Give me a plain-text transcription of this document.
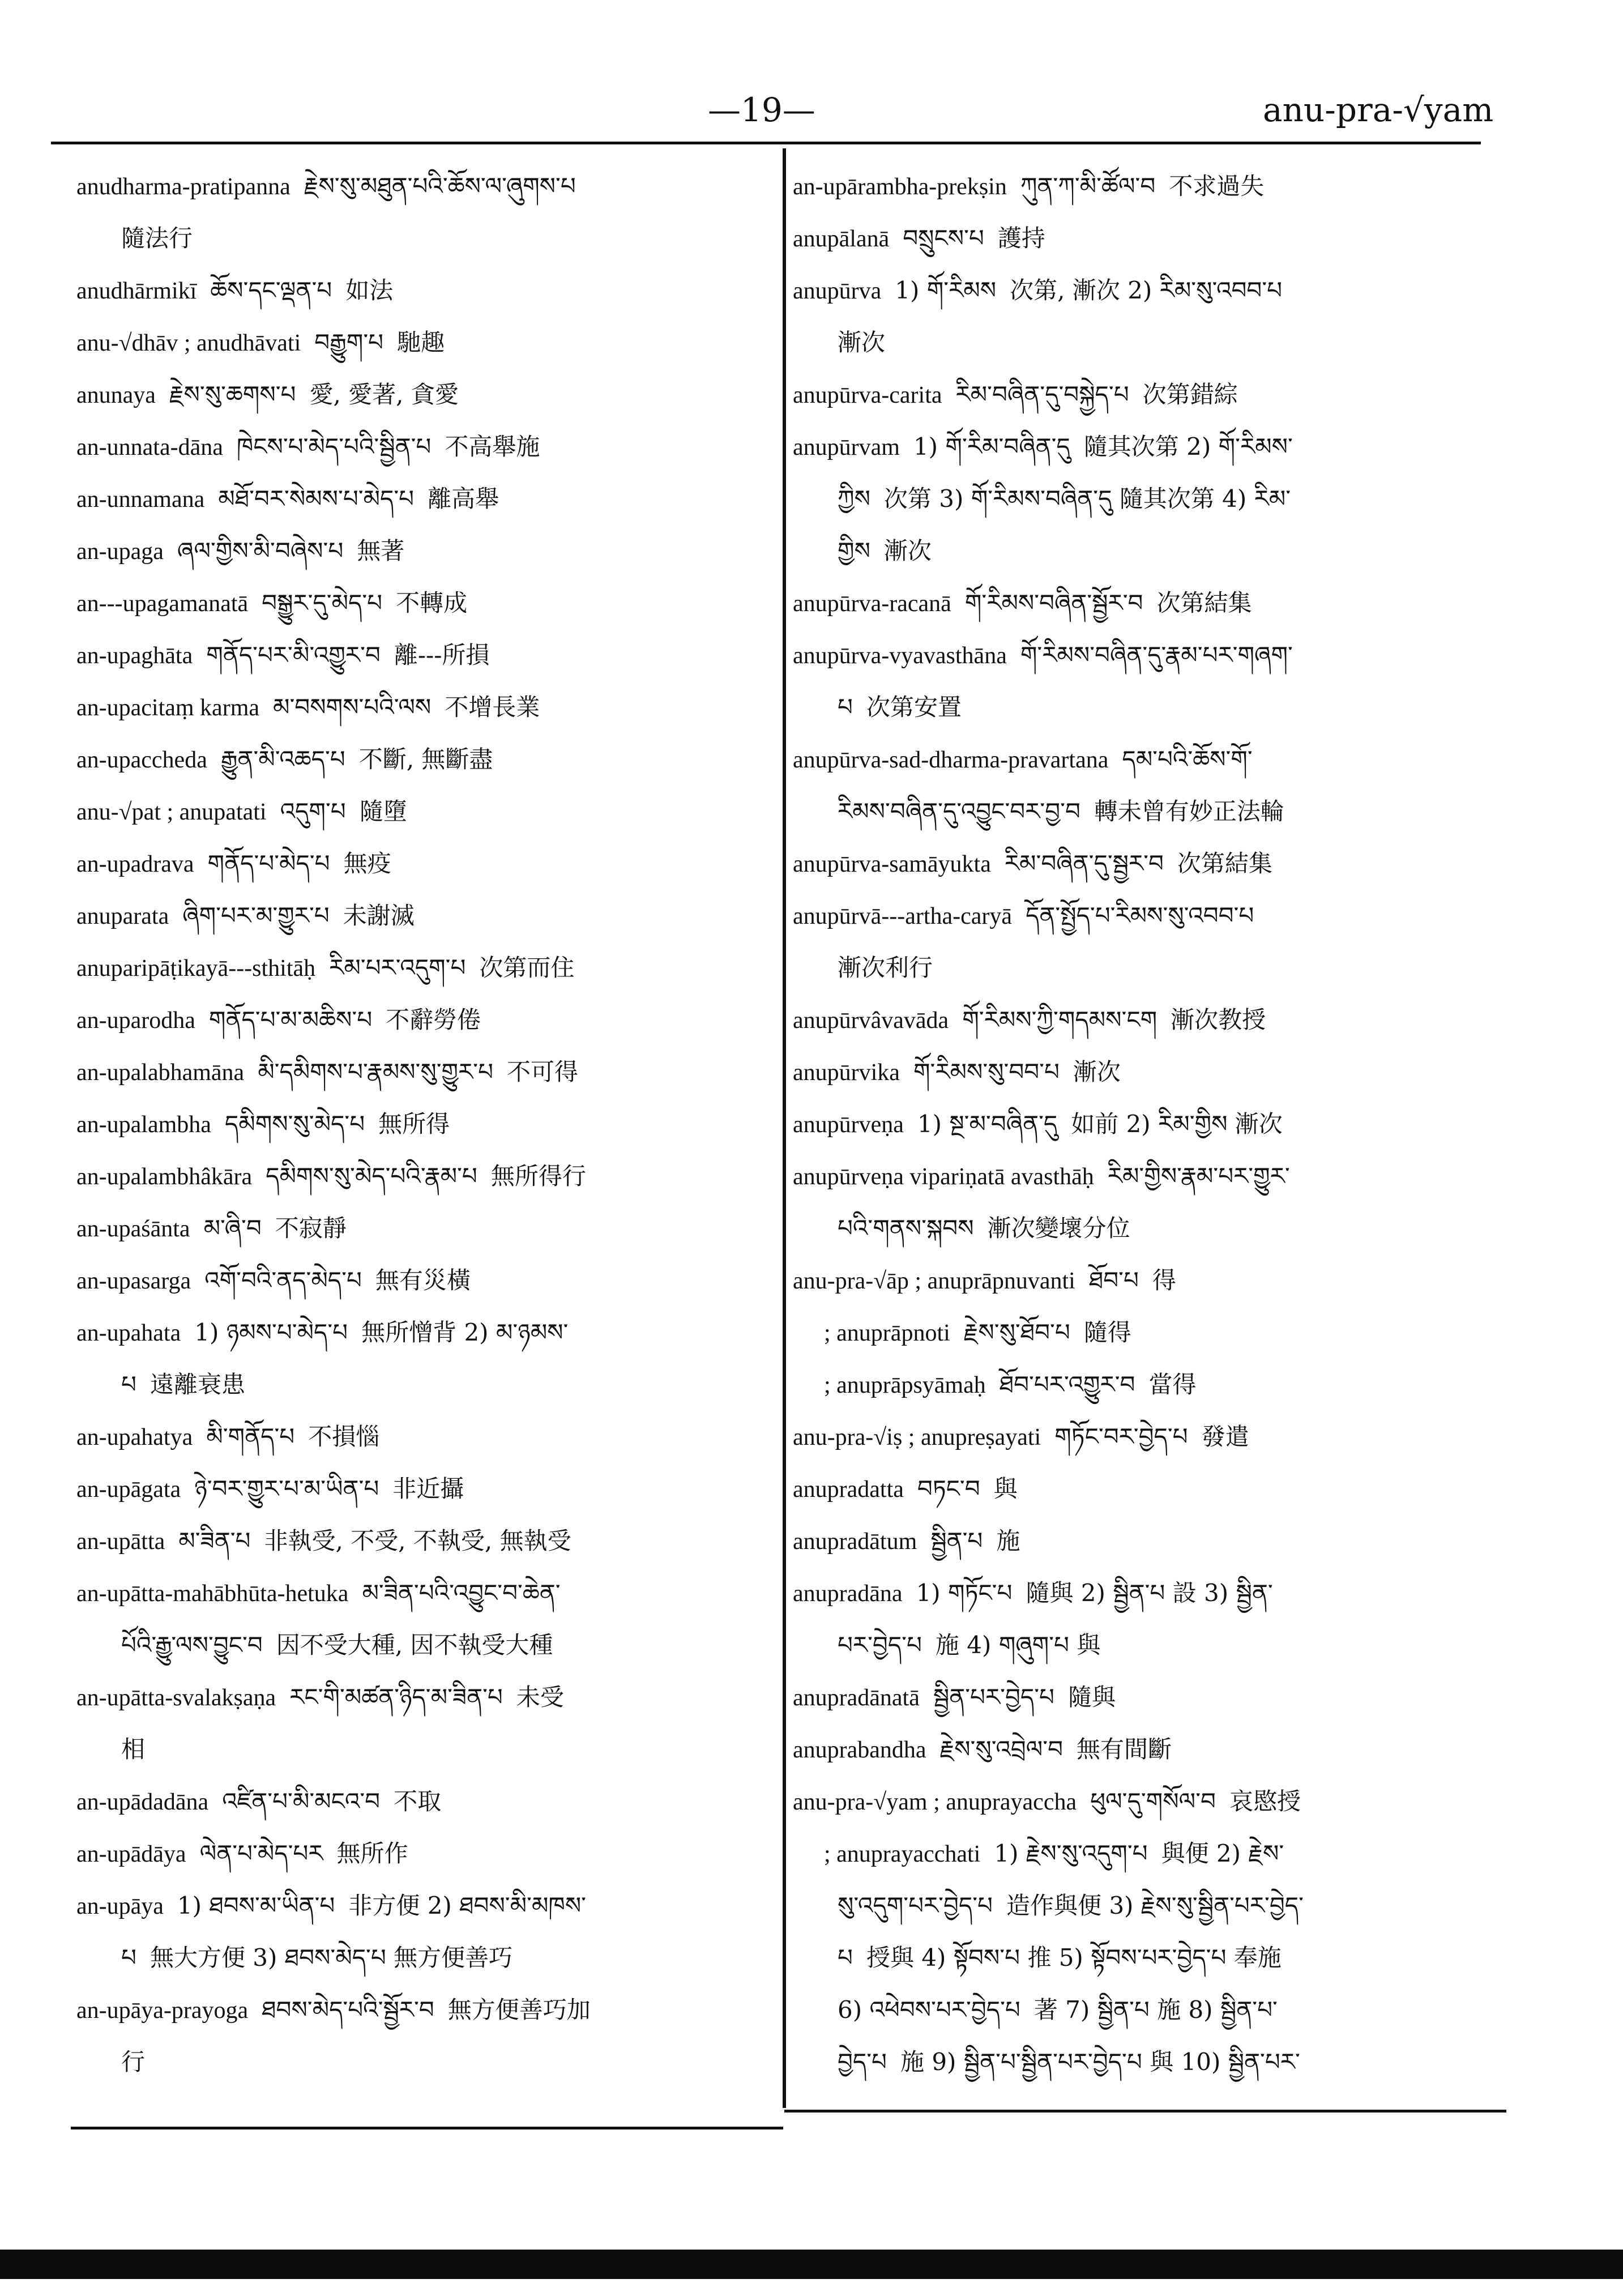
—19—	anu-pra-√yam
anudharma-pratipanna རྗེས་སུ་མཐུན་པའི་ཆོས་ལ་ཞུགས་པ
隨法行
anudhārmikī ཆོས་དང་ལྡན་པ 如法
anu-√dhāv ; anudhāvati བརྒྱུག་པ 馳趣
anunaya རྗེས་སུ་ཆགས་པ 愛, 愛著, 貪愛
an-unnata-dāna ཁེངས་པ་མེད་པའི་སྦྱིན་པ 不高舉施
an-unnamana མཐོ་བར་སེམས་པ་མེད་པ 離高舉
an-upaga ཞལ་གྱིས་མི་བཞེས་པ 無著
an---upagamanatā བསྒྱུར་དུ་མེད་པ 不轉成
an-upaghāta གནོད་པར་མི་འགྱུར་བ 離---所損
an-upacitaṃ karma མ་བསགས་པའི་ལས 不增長業
an-upaccheda རྒྱུན་མི་འཆད་པ 不斷, 無斷盡
anu-√pat ; anupatati འདུག་པ 隨墮
an-upadrava གནོད་པ་མེད་པ 無疫
anuparata ཞིག་པར་མ་གྱུར་པ 未謝滅
anuparipāṭikayā---sthitāḥ རིམ་པར་འདུག་པ 次第而住
an-uparodha གནོད་པ་མ་མཆིས་པ 不辭勞倦
an-upalabhamāna མི་དམིགས་པ་རྣམས་སུ་གྱུར་པ 不可得
an-upalambha དམིགས་སུ་མེད་པ 無所得
an-upalambhâkāra དམིགས་སུ་མེད་པའི་རྣམ་པ 無所得行
an-upaśānta མ་ཞི་བ 不寂靜
an-upasarga འགོ་བའི་ནད་མེད་པ 無有災橫
an-upahata 1) ཉམས་པ་མེད་པ 無所憎背 2) མ་ཉམས་
པ 遠離衰患
an-upahatya མི་གནོད་པ 不損惱
an-upāgata ཉེ་བར་གྱུར་པ་མ་ཡིན་པ 非近攝
an-upātta མ་ཟིན་པ 非執受, 不受, 不執受, 無執受
an-upātta-mahābhūta-hetuka མ་ཟིན་པའི་འབྱུང་བ་ཆེན་
པོའི་རྒྱུ་ལས་བྱུང་བ 因不受大種, 因不執受大種
an-upātta-svalakṣaṇa རང་གི་མཚན་ཉིད་མ་ཟིན་པ 未受
相
an-upādadāna འཛིན་པ་མི་མངའ་བ 不取
an-upādāya ལེན་པ་མེད་པར 無所作
an-upāya 1) ཐབས་མ་ཡིན་པ 非方便 2) ཐབས་མི་མཁས་
པ 無大方便 3) ཐབས་མེད་པ 無方便善巧
an-upāya-prayoga ཐབས་མེད་པའི་སྦྱོར་བ 無方便善巧加
行
an-upārambha-prekṣin ཀུན་ཀ་མི་ཚོལ་བ 不求過失
anupālanā བསྲུངས་པ 護持
anupūrva 1) གོ་རིམས 次第, 漸次 2) རིམ་སུ་འབབ་པ
漸次
anupūrva-carita རིམ་བཞིན་དུ་བསྐྱེད་པ 次第錯綜
anupūrvam 1) གོ་རིམ་བཞིན་དུ 隨其次第 2) གོ་རིམས་
ཀྱིས 次第 3) གོ་རིམས་བཞིན་དུ 隨其次第 4) རིམ་
གྱིས 漸次
anupūrva-racanā གོ་རིམས་བཞིན་སྦྱོར་བ 次第結集
anupūrva-vyavasthāna གོ་རིམས་བཞིན་དུ་རྣམ་པར་གཞག་
པ 次第安置
anupūrva-sad-dharma-pravartana དམ་པའི་ཆོས་གོ་
རིམས་བཞིན་དུ་འབྱུང་བར་བྱ་བ 轉未曾有妙正法輪
anupūrva-samāyukta རིམ་བཞིན་དུ་སྦྱར་བ 次第結集
anupūrvā---artha-caryā དོན་སྤྱོད་པ་རིམས་སུ་འབབ་པ
漸次利行
anupūrvâvavāda གོ་རིམས་ཀྱི་གདམས་ངག 漸次教授
anupūrvika གོ་རིམས་སུ་བབ་པ 漸次
anupūrveṇa 1) སྔ་མ་བཞིན་དུ 如前 2) རིམ་གྱིས 漸次
anupūrveṇa vipariṇatā avasthāḥ རིམ་གྱིས་རྣམ་པར་གྱུར་
པའི་གནས་སྐབས 漸次變壞分位
anu-pra-√āp ; anuprāpnuvanti ཐོབ་པ 得
; anuprāpnoti རྗེས་སུ་ཐོབ་པ 隨得
; anuprāpsyāmaḥ ཐོབ་པར་འགྱུར་བ 當得
anu-pra-√iṣ ; anupreṣayati གཏོང་བར་བྱེད་པ 發遣
anupradatta བཏང་བ 與
anupradātum སྦྱིན་པ 施
anupradāna 1) གཏོང་པ 隨與 2) སྦྱིན་པ 設 3) སྦྱིན་
པར་བྱེད་པ 施 4) གཞུག་པ 與
anupradānatā སྦྱིན་པར་བྱེད་པ 隨與
anuprabandha རྗེས་སུ་འབྲེལ་བ 無有間斷
anu-pra-√yam ; anuprayaccha ཕུལ་དུ་གསོལ་བ 哀愍授
; anuprayacchati 1) རྗེས་སུ་འདུག་པ 與便 2) རྗེས་
སུ་འདུག་པར་བྱེད་པ 造作與便 3) རྗེས་སུ་སྦྱིན་པར་བྱེད་
པ 授與 4) སྟོབས་པ 推 5) སྟོབས་པར་བྱེད་པ 奉施
6) འཕེབས་པར་བྱེད་པ 著 7) སྦྱིན་པ 施 8) སྦྱིན་པ་
བྱེད་པ 施 9) སྦྱིན་པ་སྦྱིན་པར་བྱེད་པ 與 10) སྦྱིན་པར་
